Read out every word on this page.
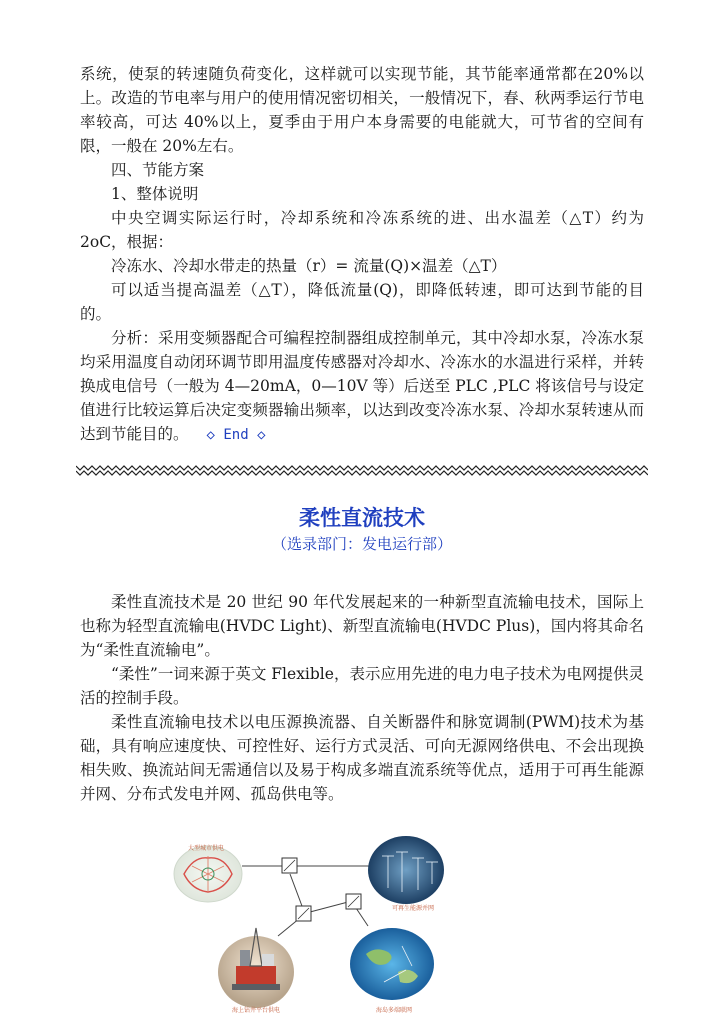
系统，使泵的转速随负荷变化，这样就可以实现节能，其节能率通常都在20%以上。改造的节电率与用户的使用情况密切相关，一般情况下，春、秋两季运行节电率较高，可达 40%以上，夏季由于用户本身需要的电能就大，可节省的空间有限，一般在 20%左右。

四、节能方案

1、整体说明

中央空调实际运行时，冷却系统和冷冻系统的进、出水温差（△T）约为 2oC，根据：

冷冻水、冷却水带走的热量（r）= 流量(Q)×温差（△T）

可以适当提高温差（△T），降低流量(Q)，即降低转速，即可达到节能的目的。

分析：采用变频器配合可编程控制器组成控制单元，其中冷却水泵，冷冻水泵均采用温度自动闭环调节即用温度传感器对冷却水、冷冻水的水温进行采样，并转换成电信号（一般为 4—20mA，0—10V 等）后送至 PLC ,PLC 将该信号与设定值进行比较运算后决定变频器输出频率，以达到改变冷冻水泵、冷却水泵转速从而达到节能目的。 ◇ End ◇

柔性直流技术
（选录部门：发电运行部）

柔性直流技术是 20 世纪 90 年代发展起来的一种新型直流输电技术，国际上也称为轻型直流输电(HVDC Light)、新型直流输电(HVDC Plus)，国内将其命名为“柔性直流输电”。

“柔性”一词来源于英文 Flexible，表示应用先进的电力电子技术为电网提供灵活的控制手段。

柔性直流输电技术以电压源换流器、自关断器件和脉宽调制(PWM)技术为基础，具有响应速度快、可控性好、运行方式灵活、可向无源网络供电、不会出现换相失败、换流站间无需通信以及易于构成多端直流系统等优点，适用于可再生能源并网、分布式发电并网、孤岛供电等。

大型城市供电
可再生能源并网
海上钻井平台供电	海岛多端联网
